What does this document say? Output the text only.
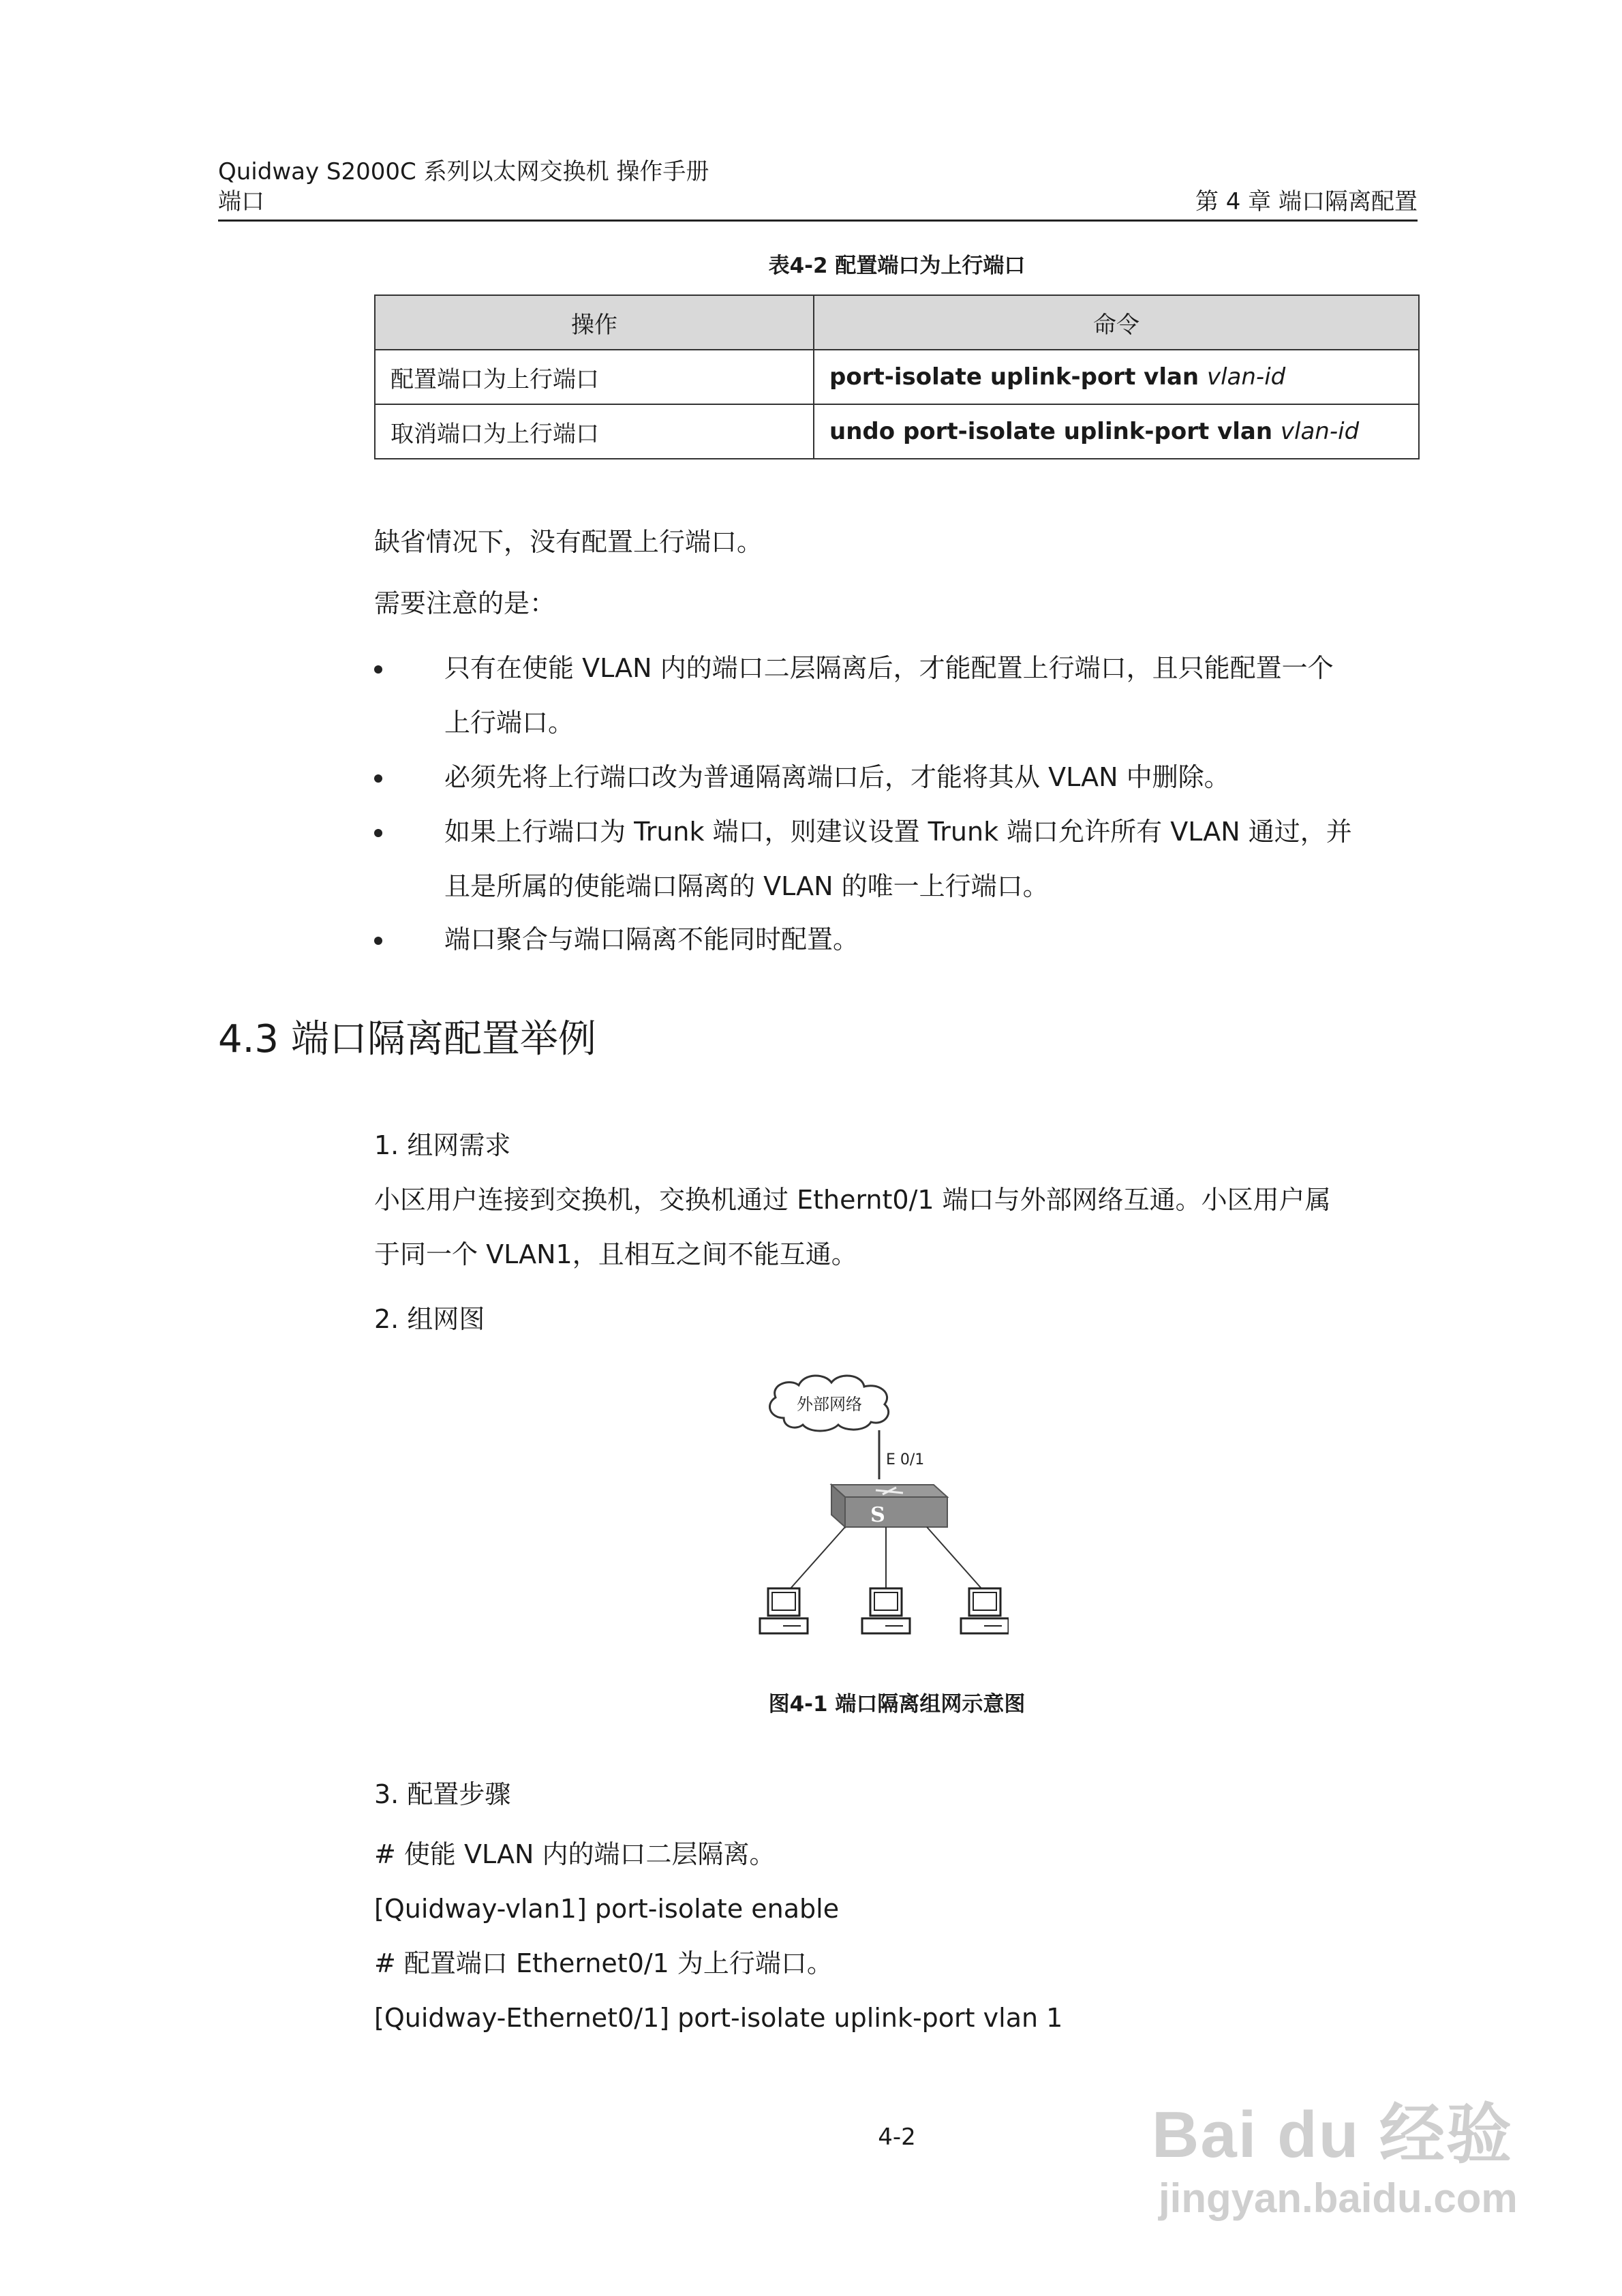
Quidway S2000C 系列以太网交换机 操作手册
端口	第 4 章 端口隔离配置
表4-2 配置端口为上行端口
操作	命令
配置端口为上行端口	port-isolate uplink-port vlan vlan-id
取消端口为上行端口	undo port-isolate uplink-port vlan vlan-id
缺省情况下，没有配置上行端口。
需要注意的是：
只有在使能 VLAN 内的端口二层隔离后，才能配置上行端口，且只能配置一个
上行端口。
必须先将上行端口改为普通隔离端口后，才能将其从 VLAN 中删除。
如果上行端口为 Trunk 端口，则建议设置 Trunk 端口允许所有 VLAN 通过，并
且是所属的使能端口隔离的 VLAN 的唯一上行端口。
端口聚合与端口隔离不能同时配置。
4.3 端口隔离配置举例
1. 组网需求
小区用户连接到交换机，交换机通过 Ethernt0/1 端口与外部网络互通。小区用户属
于同一个 VLAN1，且相互之间不能互通。
2. 组网图
外部网络
E 0/1
S
图4-1 端口隔离组网示意图
3. 配置步骤
# 使能 VLAN 内的端口二层隔离。
[Quidway-vlan1] port-isolate enable
# 配置端口 Ethernet0/1 为上行端口。
[Quidway-Ethernet0/1] port-isolate uplink-port vlan 1
4-2	Bai du 经验
jingyan.baidu.com
